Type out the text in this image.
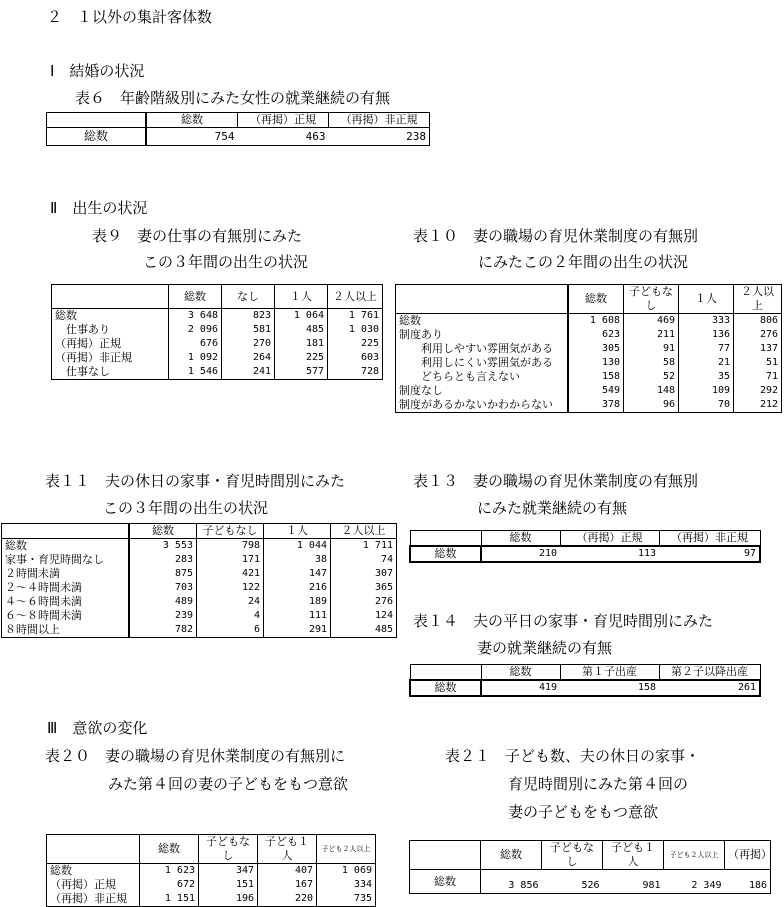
２　１以外の集計客体数
Ⅰ　結婚の状況
表６　年齢階級別にみた女性の就業継続の有無
	総数	（再掲）正規	（再掲）非正規
総数	754	463	238
Ⅱ　出生の状況
表９　妻の仕事の有無別にみた
この３年間の出生の状況
	総数	なし	１人	２人以上
総数	3 648	823	1 064	1 761
　仕事あり	2 096	581	485	1 030
（再掲）正規	676	270	181	225
（再掲）非正規	1 092	264	225	603
　仕事なし	1 546	241	577	728
表１０　妻の職場の育児休業制度の有無別
にみたこの２年間の出生の状況
	総数	子どもなし	１人	２人以上
総数	1 608	469	333	806
制度あり	623	211	136	276
　　利用しやすい雰囲気がある	305	91	77	137
　　利用しにくい雰囲気がある	130	58	21	51
　　どちらとも言えない	158	52	35	71
制度なし	549	148	109	292
制度があるかないかわからない	378	96	70	212
表１１　夫の休日の家事・育児時間別にみた
この３年間の出生の状況
	総数	子どもなし	１人	２人以上
総数	3 553	798	1 044	1 711
家事・育児時間なし	283	171	38	74
２時間未満	875	421	147	307
２～４時間未満	703	122	216	365
４～６時間未満	489	24	189	276
６～８時間未満	239	4	111	124
８時間以上	782	6	291	485
表１３　妻の職場の育児休業制度の有無別
にみた就業継続の有無
	総数	（再掲）正規	（再掲）非正規
総数	210	113	97
表１４　夫の平日の家事・育児時間別にみた
妻の就業継続の有無
	総数	第１子出産	第２子以降出産
総数	419	158	261
Ⅲ　意欲の変化
表２０　妻の職場の育児休業制度の有無別に
みた第４回の妻の子どもをもつ意欲
	総数	子どもなし	子ども１人	子ども２人以上
総数	1 623	347	407	1 069
（再掲）正規	672	151	167	334
（再掲）非正規	1 151	196	220	735
表２１　子ども数、夫の休日の家事・
育児時間別にみた第４回の
妻の子どもをもつ意欲
	総数	子どもなし	子ども１人	子ども２人以上	（再掲）
総数	3 856	526	981	2 349	186
